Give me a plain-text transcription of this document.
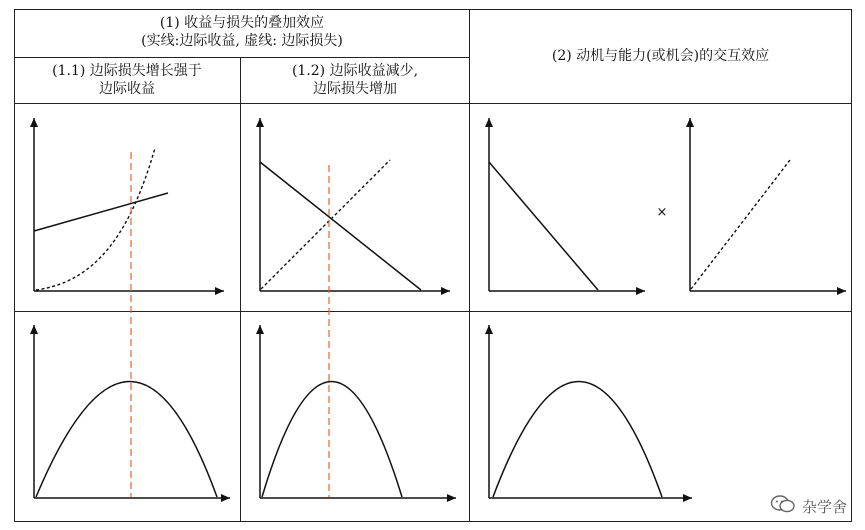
(1) 收益与损失的叠加效应
(实线:边际收益, 虚线: 边际损失)
(2) 动机与能力(或机会)的交互效应
(1.1) 边际损失增长强于
边际收益
(1.2) 边际收益减少,
边际损失增加
×
杂学舍
